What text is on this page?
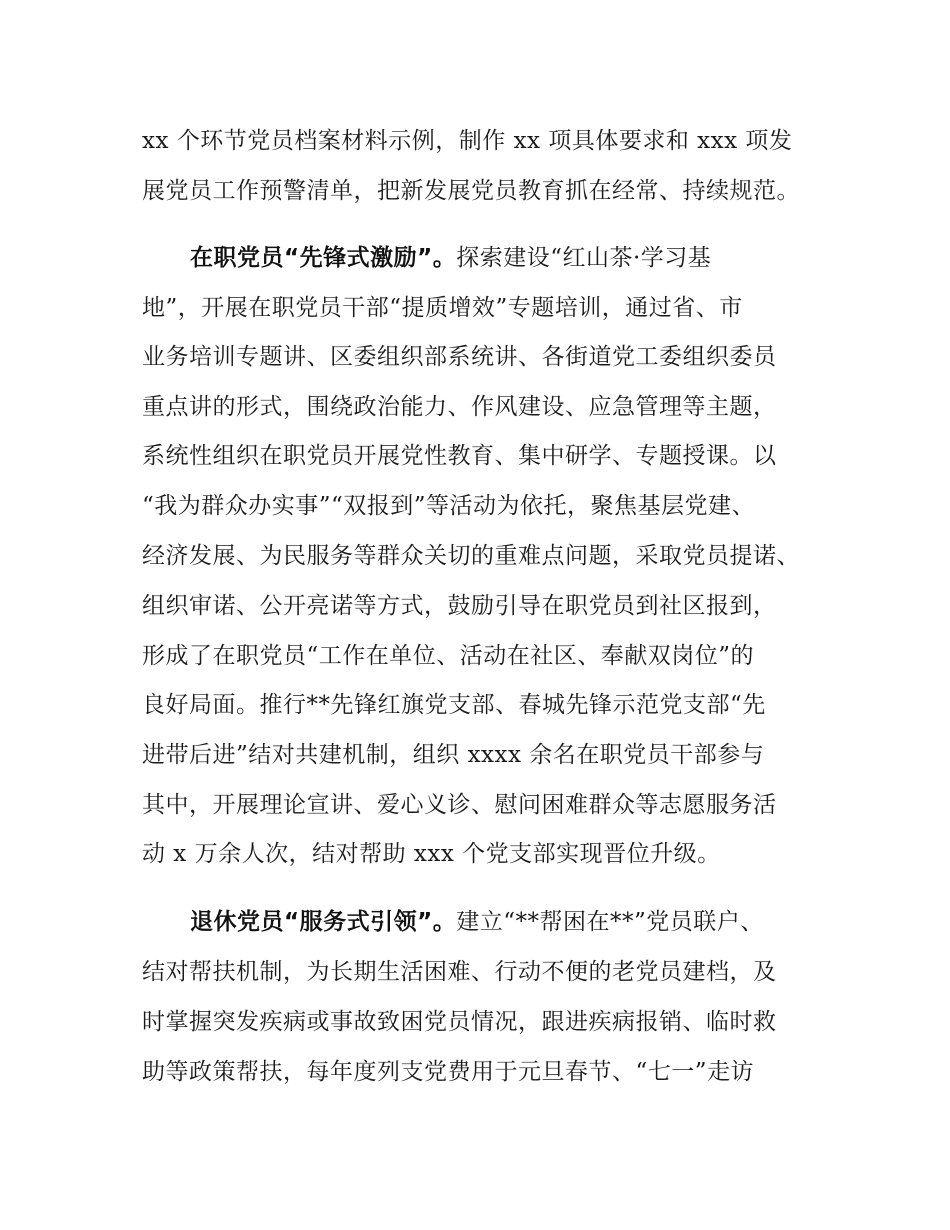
xx 个环节党员档案材料示例，制作 xx 项具体要求和 xxx 项发
展党员工作预警清单，把新发展党员教育抓在经常、持续规范。
在职党员“先锋式激励”。探索建设“红山茶·学习基
地”，开展在职党员干部“提质增效”专题培训，通过省、市
业务培训专题讲、区委组织部系统讲、各街道党工委组织委员
重点讲的形式，围绕政治能力、作风建设、应急管理等主题，
系统性组织在职党员开展党性教育、集中研学、专题授课。以
“我为群众办实事”“双报到”等活动为依托，聚焦基层党建、
经济发展、为民服务等群众关切的重难点问题，采取党员提诺、
组织审诺、公开亮诺等方式，鼓励引导在职党员到社区报到，
形成了在职党员“工作在单位、活动在社区、奉献双岗位”的
良好局面。推行**先锋红旗党支部、春城先锋示范党支部“先
进带后进”结对共建机制，组织 xxxx 余名在职党员干部参与
其中，开展理论宣讲、爱心义诊、慰问困难群众等志愿服务活
动 x 万余人次，结对帮助 xxx 个党支部实现晋位升级。
退休党员“服务式引领”。建立“**帮困在**”党员联户、
结对帮扶机制，为长期生活困难、行动不便的老党员建档，及
时掌握突发疾病或事故致困党员情况，跟进疾病报销、临时救
助等政策帮扶，每年度列支党费用于元旦春节、“七一”走访
